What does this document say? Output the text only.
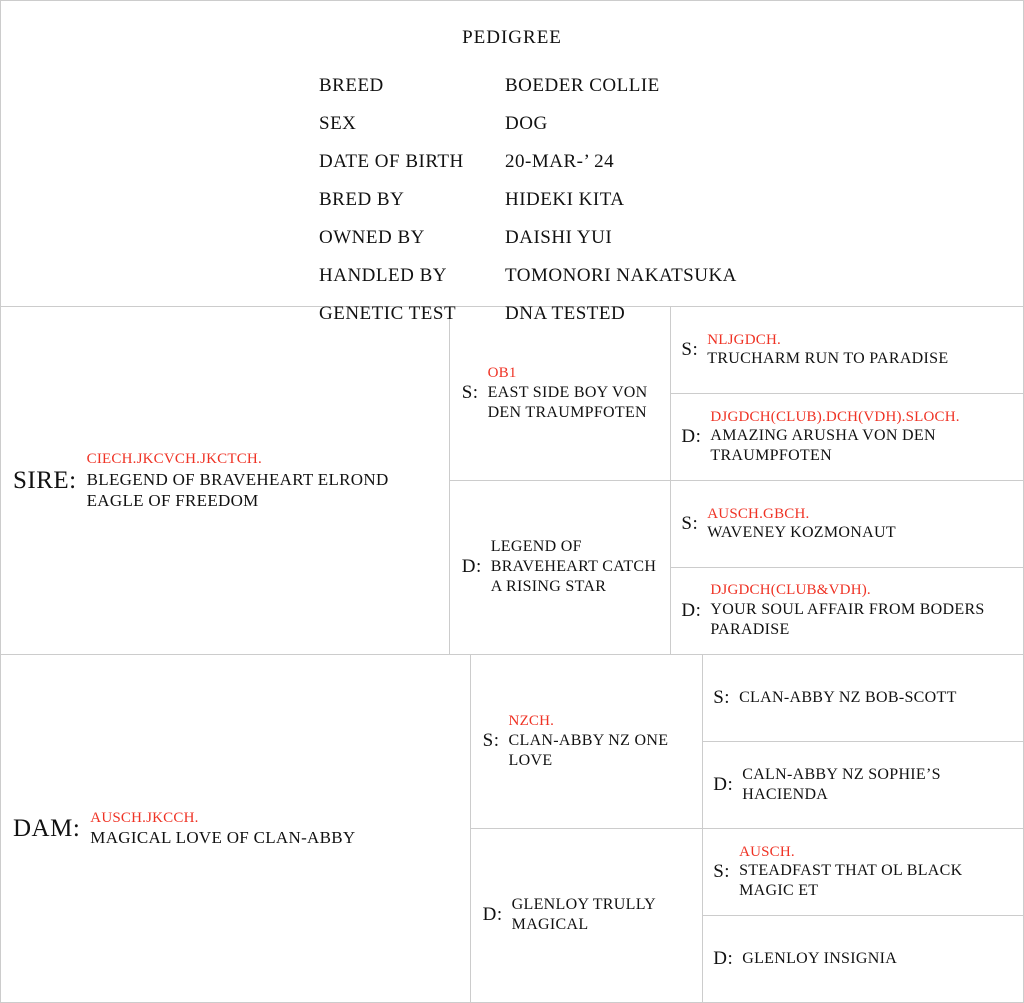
PEDIGREE
BREED	BOEDER COLLIE
SEX	DOG
DATE OF BIRTH	20-MAR-’ 24
BRED BY	HIDEKI KITA
OWNED BY	DAISHI YUI
HANDLED BY	TOMONORI NAKATSUKA
GENETIC TEST	DNA TESTED
SIRE:
CIECH.JKCVCH.JKCTCH.
BLEGEND OF BRAVEHEART ELROND EAGLE OF FREEDOM
S:
OB1
EAST SIDE BOY VON DEN TRAUMPFOTEN
D:
LEGEND OF BRAVEHEART CATCH A RISING STAR
S: NLJGDCH.
TRUCHARM RUN TO PARADISE
D:
DJGDCH(CLUB).DCH(VDH).SLOCH.
AMAZING ARUSHA VON DEN TRAUMPFOTEN
S: AUSCH.GBCH.
WAVENEY KOZMONAUT
D:
DJGDCH(CLUB&VDH).
YOUR SOUL AFFAIR FROM BODERS PARADISE
DAM: AUSCH.JKCCH.
MAGICAL LOVE OF CLAN-ABBY
S:
NZCH.
CLAN-ABBY NZ ONE LOVE
D: GLENLOY TRULLY MAGICAL
S: CLAN-ABBY NZ BOB-SCOTT
D: CALN-ABBY NZ SOPHIE’S HACIENDA
S:
AUSCH.
STEADFAST THAT OL BLACK MAGIC ET
D: GLENLOY INSIGNIA
